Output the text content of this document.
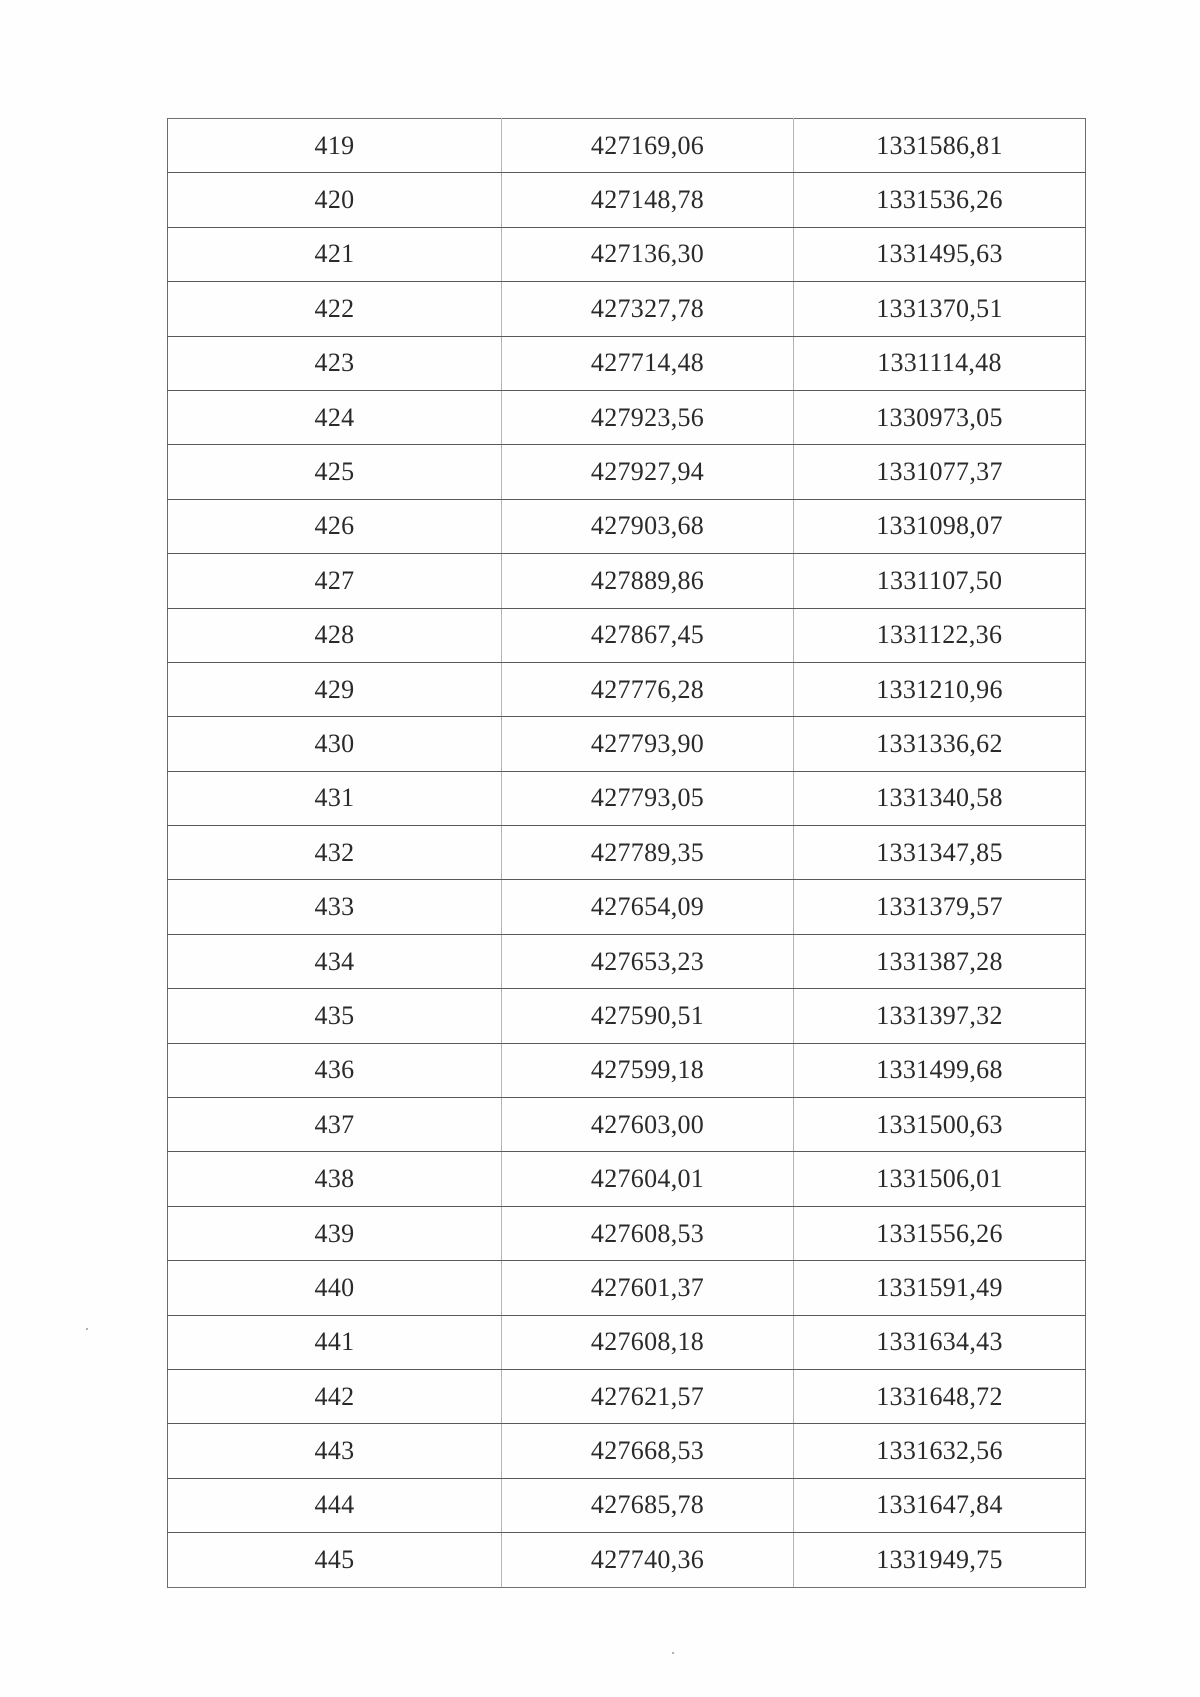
419	427169,06	1331586,81
420	427148,78	1331536,26
421	427136,30	1331495,63
422	427327,78	1331370,51
423	427714,48	1331114,48
424	427923,56	1330973,05
425	427927,94	1331077,37
426	427903,68	1331098,07
427	427889,86	1331107,50
428	427867,45	1331122,36
429	427776,28	1331210,96
430	427793,90	1331336,62
431	427793,05	1331340,58
432	427789,35	1331347,85
433	427654,09	1331379,57
434	427653,23	1331387,28
435	427590,51	1331397,32
436	427599,18	1331499,68
437	427603,00	1331500,63
438	427604,01	1331506,01
439	427608,53	1331556,26
440	427601,37	1331591,49
441	427608,18	1331634,43
442	427621,57	1331648,72
443	427668,53	1331632,56
444	427685,78	1331647,84
445	427740,36	1331949,75
